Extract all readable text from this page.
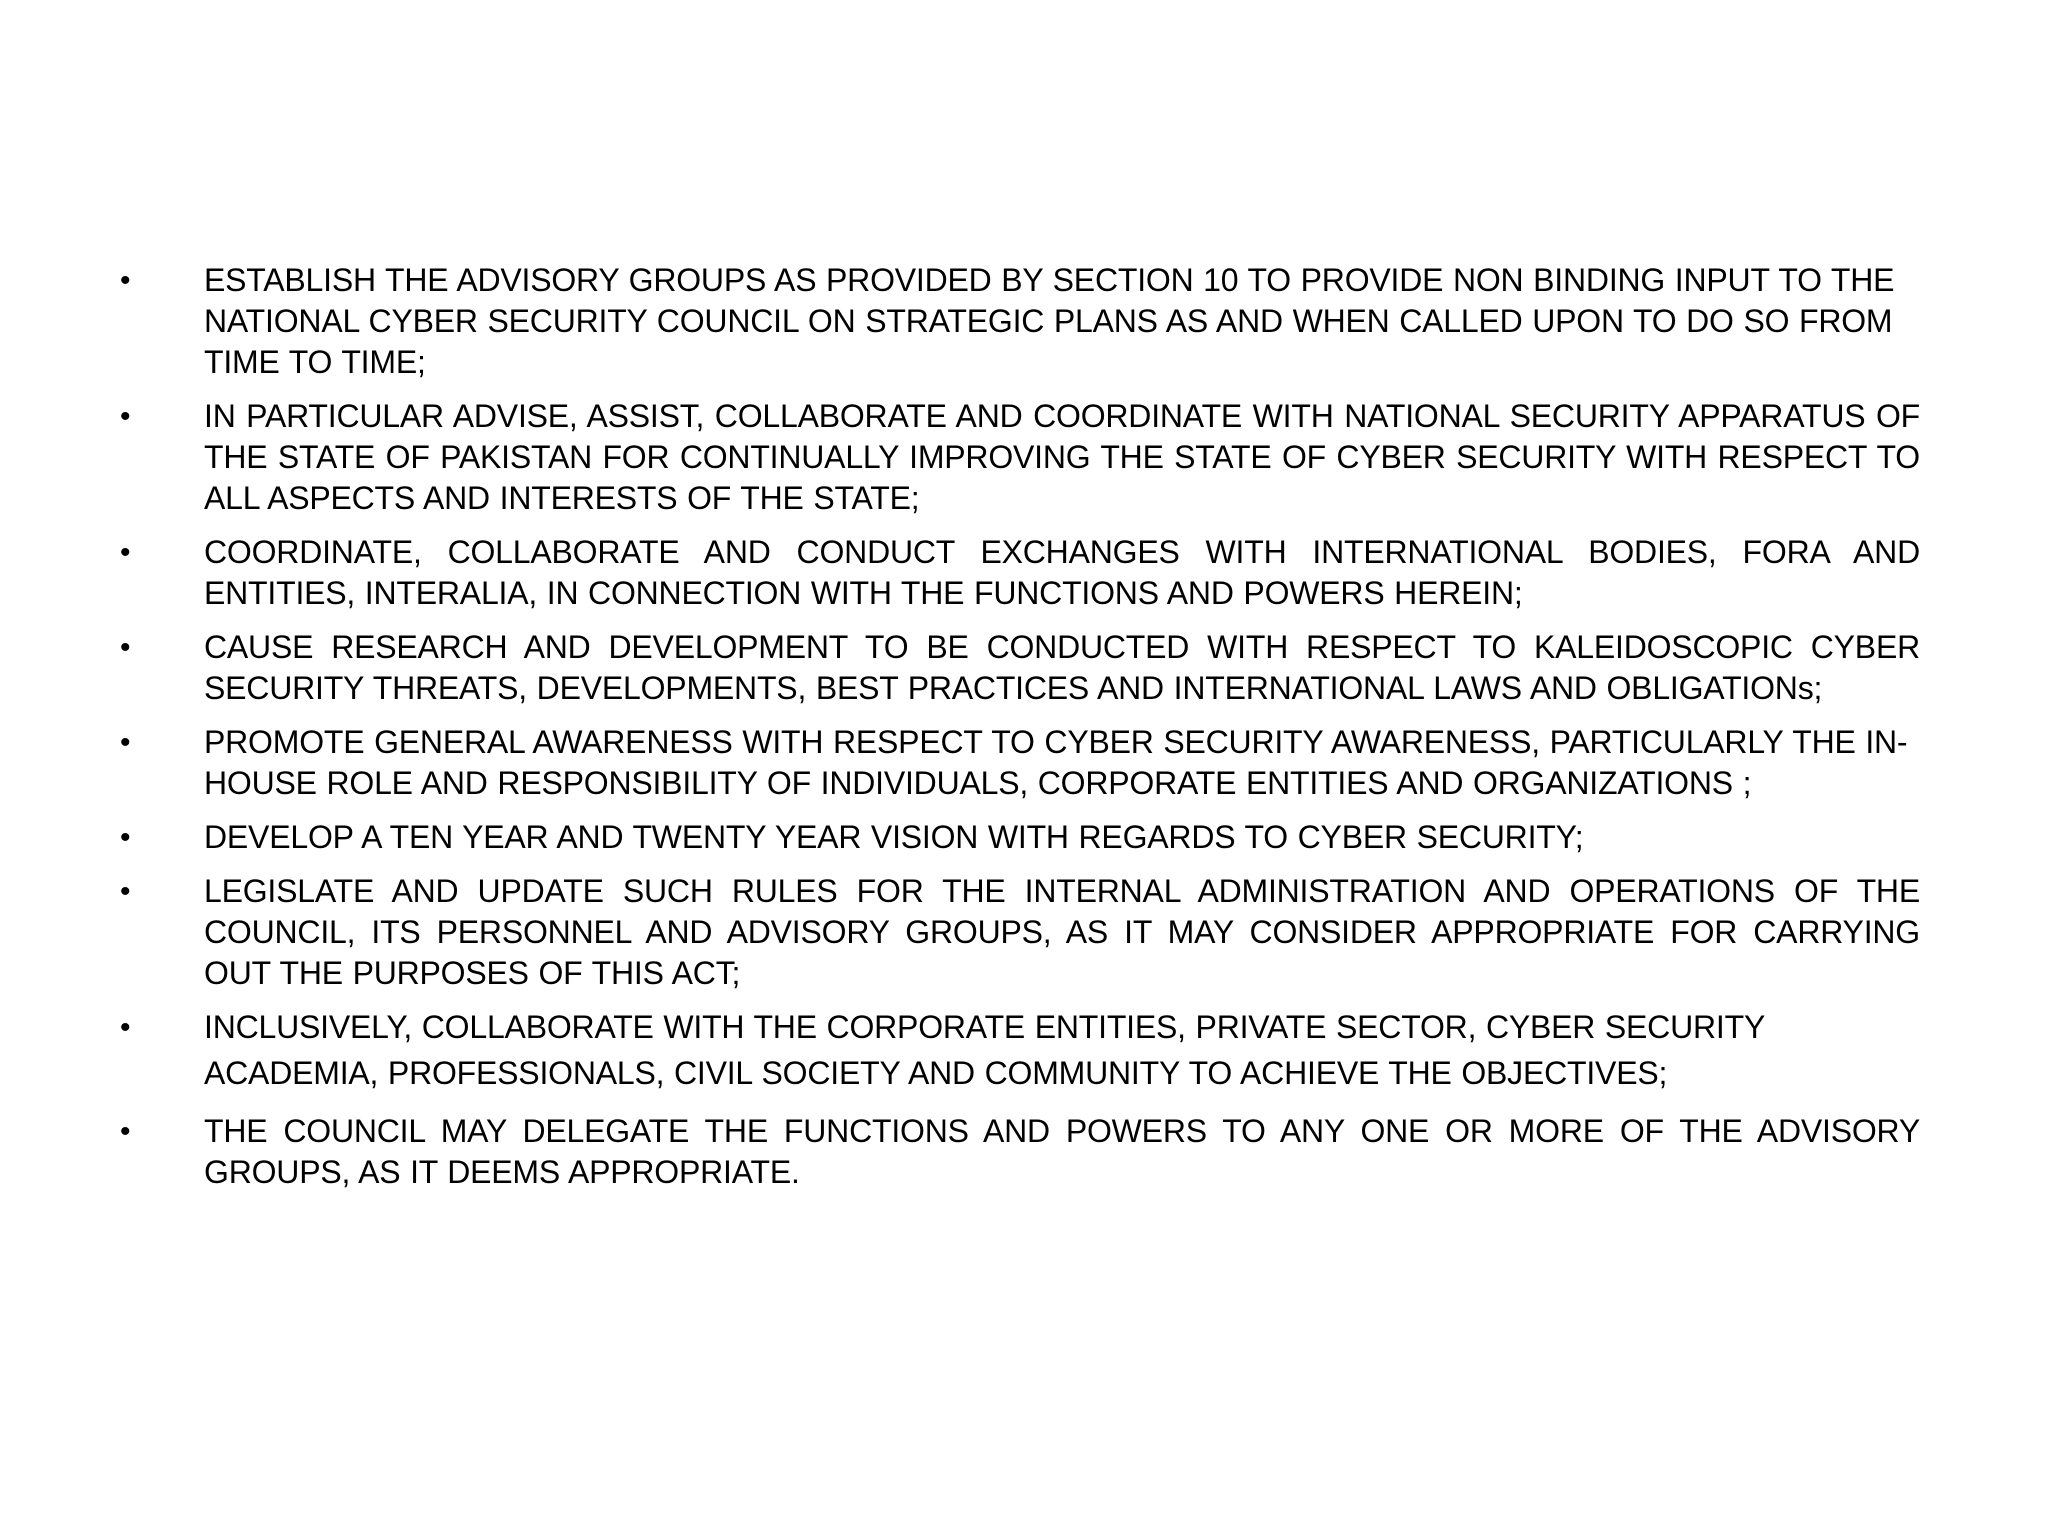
•	ESTABLISH THE ADVISORY GROUPS AS PROVIDED BY SECTION 10 TO PROVIDE NON BINDING INPUT TO THE NATIONAL CYBER SECURITY COUNCIL ON STRATEGIC PLANS AS AND WHEN CALLED UPON TO DO SO FROM TIME TO TIME;
•	IN PARTICULAR ADVISE, ASSIST, COLLABORATE AND COORDINATE WITH NATIONAL SECURITY APPARATUS OF THE STATE OF PAKISTAN FOR CONTINUALLY IMPROVING THE STATE OF CYBER SECURITY WITH RESPECT TO ALL ASPECTS AND INTERESTS OF THE STATE;
•	COORDINATE, COLLABORATE AND CONDUCT EXCHANGES WITH INTERNATIONAL BODIES, FORA AND ENTITIES, INTERALIA, IN CONNECTION WITH THE FUNCTIONS AND POWERS HEREIN;
•	CAUSE RESEARCH AND DEVELOPMENT TO BE CONDUCTED WITH RESPECT TO KALEIDOSCOPIC CYBER SECURITY THREATS, DEVELOPMENTS, BEST PRACTICES AND INTERNATIONAL LAWS AND OBLIGATIONs;
•	PROMOTE GENERAL AWARENESS WITH RESPECT TO CYBER SECURITY AWARENESS, PARTICULARLY THE IN-HOUSE ROLE AND RESPONSIBILITY OF INDIVIDUALS, CORPORATE ENTITIES AND ORGANIZATIONS ;
•	DEVELOP A TEN YEAR AND TWENTY YEAR VISION WITH REGARDS TO CYBER SECURITY;
•	LEGISLATE AND UPDATE SUCH RULES FOR THE INTERNAL ADMINISTRATION AND OPERATIONS OF THE COUNCIL, ITS PERSONNEL AND ADVISORY GROUPS, AS IT MAY CONSIDER APPROPRIATE FOR CARRYING OUT THE PURPOSES OF THIS ACT;
•	INCLUSIVELY, COLLABORATE WITH THE CORPORATE ENTITIES, PRIVATE SECTOR, CYBER SECURITY
ACADEMIA, PROFESSIONALS, CIVIL SOCIETY AND COMMUNITY TO ACHIEVE THE OBJECTIVES;
•	THE COUNCIL MAY DELEGATE THE FUNCTIONS AND POWERS TO ANY ONE OR MORE OF THE ADVISORY GROUPS, AS IT DEEMS APPROPRIATE.
